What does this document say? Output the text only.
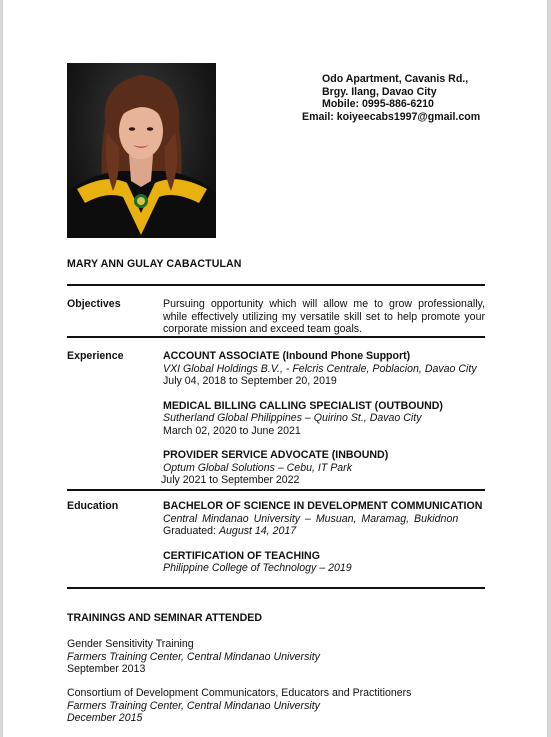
Odo Apartment, Cavanis Rd.,
Brgy. Ilang, Davao City
Mobile: 0995-886-6210
Email: koiyeecabs1997@gmail.com
MARY ANN GULAY CABACTULAN
Objectives	Pursuing opportunity which will allow me to grow professionally, while effectively utilizing my versatile skill set to help promote your corporate mission and exceed team goals.
Experience	ACCOUNT ASSOCIATE (Inbound Phone Support)
VXI Global Holdings B.V., - Felcris Centrale, Poblacion, Davao City
July 04, 2018 to September 20, 2019
MEDICAL BILLING CALLING SPECIALIST (OUTBOUND)
Sutherland Global Philippines – Quirino St., Davao City
March 02, 2020 to June 2021
PROVIDER SERVICE ADVOCATE (INBOUND)
Optum Global Solutions – Cebu, IT Park
July 2021 to September 2022
Education	BACHELOR OF SCIENCE IN DEVELOPMENT COMMUNICATION
Central Mindanao University – Musuan, Maramag, Bukidnon
Graduated: August 14, 2017
CERTIFICATION OF TEACHING
Philippine College of Technology – 2019
TRAININGS AND SEMINAR ATTENDED
Gender Sensitivity Training
Farmers Training Center, Central Mindanao University
September 2013
Consortium of Development Communicators, Educators and Practitioners
Farmers Training Center, Central Mindanao University
December 2015
